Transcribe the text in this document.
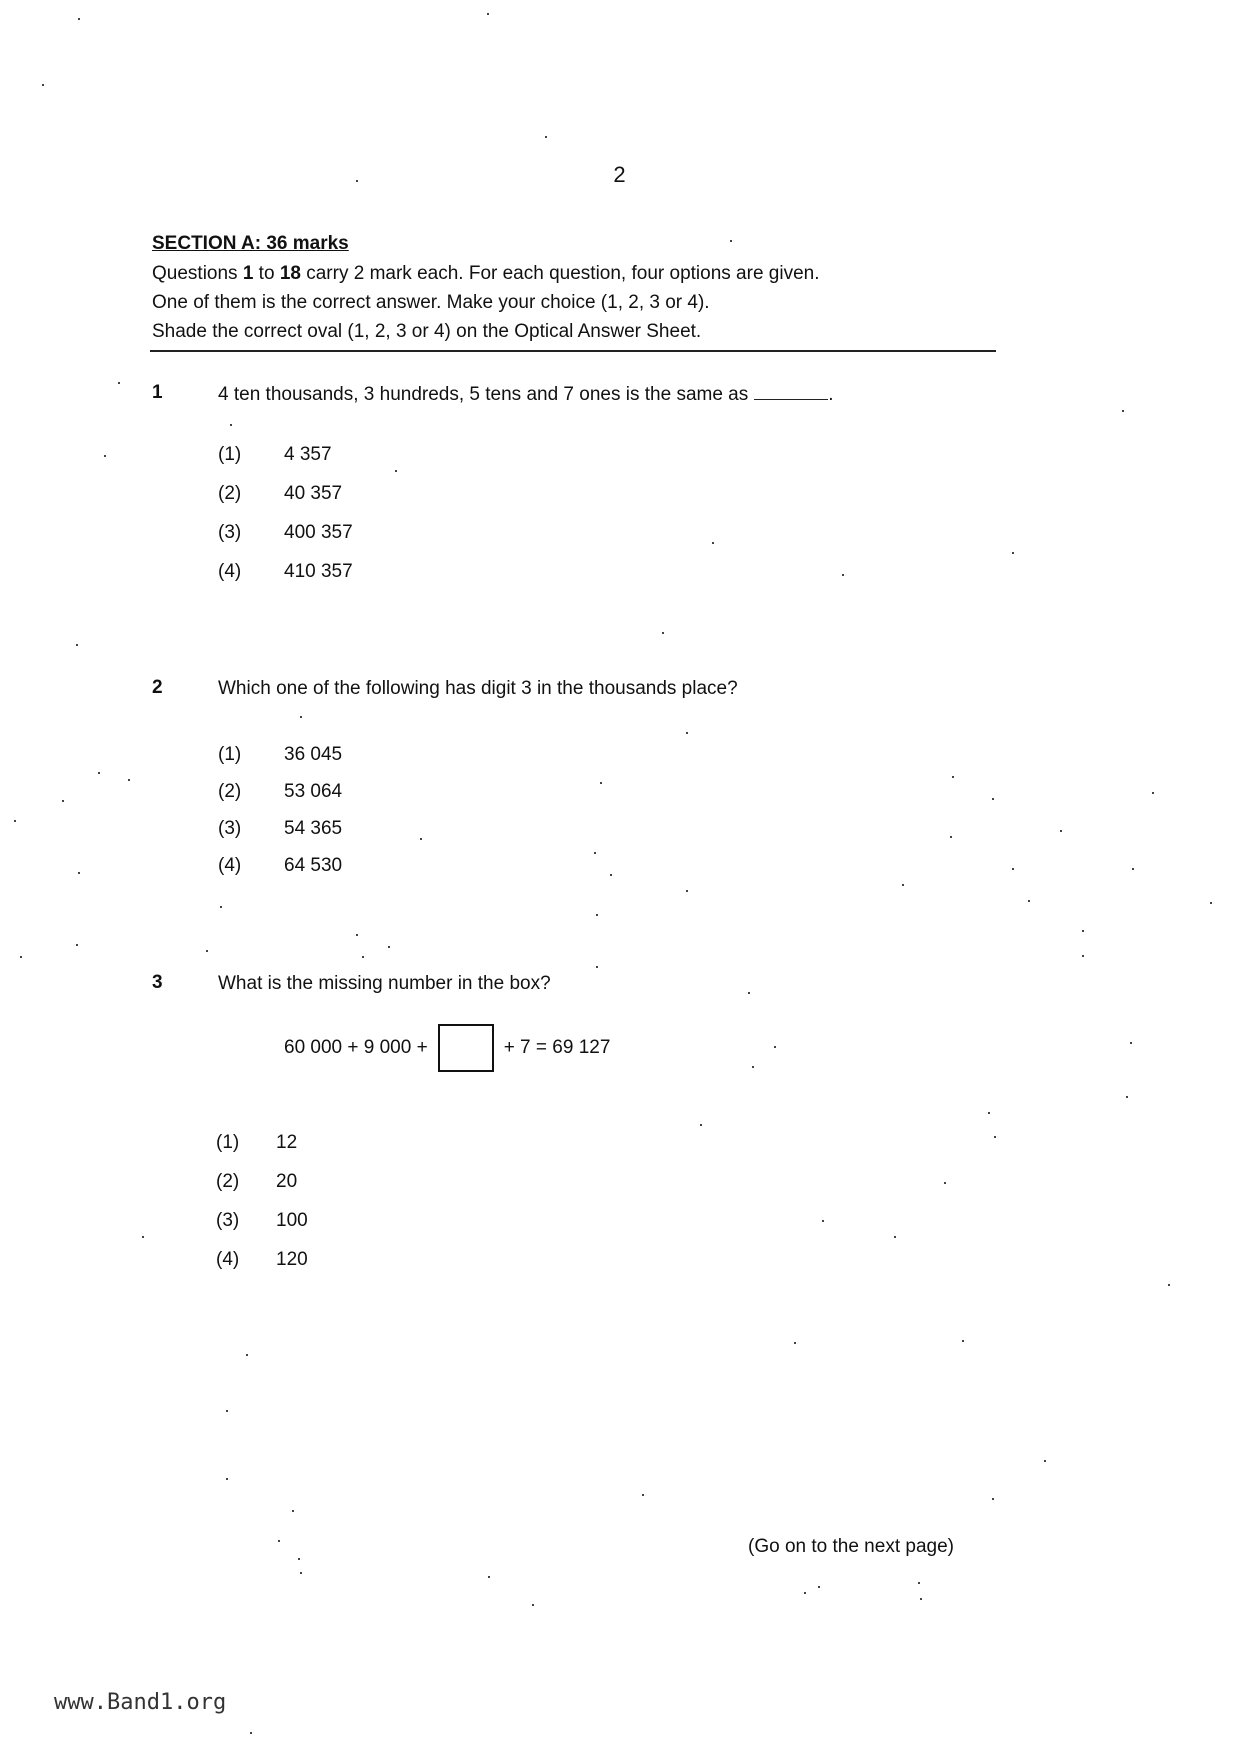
2
SECTION A: 36 marks
Questions 1 to 18 carry 2 mark each. For each question, four options are given.
One of them is the correct answer. Make your choice (1, 2, 3 or 4).
Shade the correct oval (1, 2, 3 or 4) on the Optical Answer Sheet.
1	4 ten thousands, 3 hundreds, 5 tens and 7 ones is the same as	.
(1) 4 357
(2) 40 357
(3) 400 357
(4) 410 357
2	Which one of the following has digit 3 in the thousands place?
(1) 36 045
(2) 53 064
(3) 54 365
(4) 64 530
3	What is the missing number in the box?
60 000 + 9 000 +	+ 7 = 69 127
(1) 12
(2) 20
(3) 100
(4) 120
(Go on to the next page)
www.Band1.org
